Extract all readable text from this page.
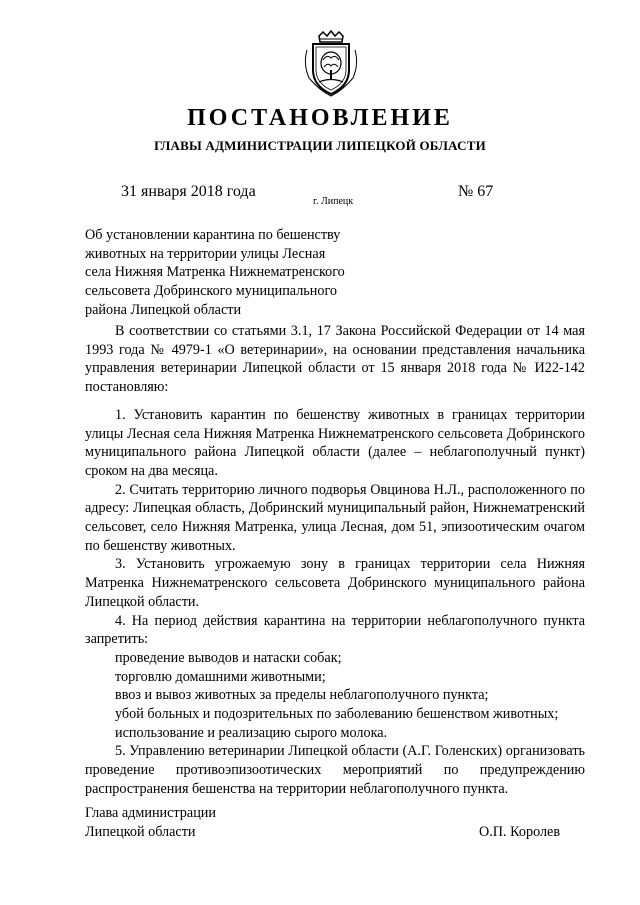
ПОСТАНОВЛЕНИЕ
ГЛАВЫ АДМИНИСТРАЦИИ ЛИПЕЦКОЙ ОБЛАСТИ
31 января 2018 года
г. Липецк
№ 67
Об установлении карантина по бешенству
животных на территории улицы Лесная
села Нижняя Матренка Нижнематренского
сельсовета Добринского муниципального
района Липецкой области

В соответствии со статьями 3.1, 17 Закона Российской Федерации от 14 мая 1993 года № 4979-1 «О ветеринарии», на основании представления начальника управления ветеринарии Липецкой области от 15 января 2018 года № И22-142 постановляю:

1. Установить карантин по бешенству животных в границах территории улицы Лесная села Нижняя Матренка Нижнематренского сельсовета Добринского муниципального района Липецкой области (далее – неблагополучный пункт) сроком на два месяца.

2. Считать территорию личного подворья Овцинова Н.Л., расположенного по адресу: Липецкая область, Добринский муниципальный район, Нижнематренский сельсовет, село Нижняя Матренка, улица Лесная, дом 51, эпизоотическим очагом по бешенству животных.

3. Установить угрожаемую зону в границах территории села Нижняя Матренка Нижнематренского сельсовета Добринского муниципального района Липецкой области.

4. На период действия карантина на территории неблагополучного пункта запретить:

проведение выводов и натаски собак;

торговлю домашними животными;

ввоз и вывоз животных за пределы неблагополучного пункта;

убой больных и подозрительных по заболеванию бешенством животных;

использование и реализацию сырого молока.

5. Управлению ветеринарии Липецкой области (А.Г. Голенских) организовать проведение противоэпизоотических мероприятий по предупреждению распространения бешенства на территории неблагополучного пункта.

Глава администрации
Липецкой области	О.П. Королев
